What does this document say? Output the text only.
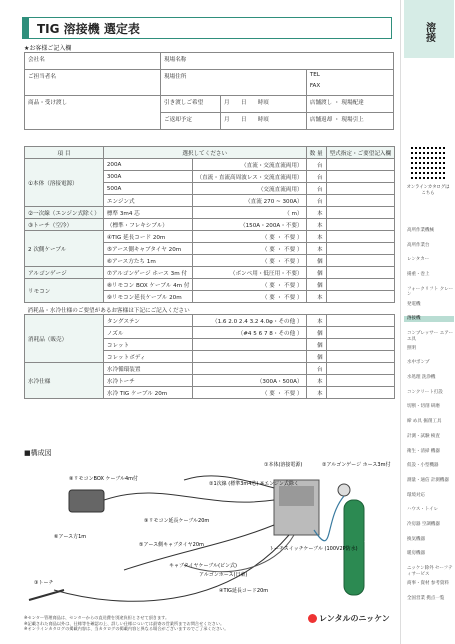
TIG 溶接機 選定表
★お客様ご記入欄
会社名	現場名称		
ご担当者名	現場住所		TEL
FAX

商品・受け渡し	引き渡しご希望	月　　 日　　 時頃	店舗渡し ・ 現場配達
	ご返却予定	月　　 日　　 時頃	店舗返却 ・ 現場引上
項 目	選択してください		数 量	型式指定・ご要望記入欄
①本体（溶接電源）	200A	（直流・交流直流両用）	台	
	300A	（直流・直流高周波レス・交流直流両用）	台	
	500A	（交流直流両用）	台	
	エンジン式	（直流 270 ~ 300A）	台	
②一次線（エンジン式除く）	標準 3m4 芯	（ m）	本	
③トーチ（空冷）	（標準・フレキシブル）	（150A・200A・不要）	本	
2 次側ケーブル	④TIG 延長コード 20m	（ 要 ・ 不要 ）	本	
	⑤アース側キャブタイヤ 20m	（ 要 ・ 不要 ）	本	
	⑥アース方たち 1m	（ 要 ・ 不要 ）	個	
アルゴンゲージ	⑦アルゴンゲージ ホース 3m 付	（ボンベ用・低圧用・不要）	個	
リモコン	⑧リモコン BOX ケーブル 4m 付	（ 要 ・ 不要 ）	個	
	⑨リモコン延長ケーブル 20m	（ 要 ・ 不要 ）	本	
消耗品・水冷仕様のご要望があるお客様は下記にご記入ください				
消耗品（販売）	タングステン	（1.6 2.0 2.4 3.2 4.0φ・その他 ）	本	
	ノズル	（#4 5 6 7 8・その他 ）	個	
	コレット		個	
	コレットボディ		個	
水冷仕様	水冷循環装置		台	
	水冷トーチ	（300A・500A）	本	
	水冷 TIG ケーブル 20m	（ 要 ・ 不要 ）	本	
■構成図
①本体(溶接電源)	②アルゴンゲージ ホース3m付
②1次線 (標準3m4芯) ※エンジン式除く
⑧リモコンBOX ケーブル4m付
⑨リモコン延長ケーブル20m
⑥アース方1m
⑤アース側キャブタイヤ20m
トーチスイッチケーブル (100V2P防水)
キャブタイヤケーブル(ビン式)
アルゴンホース(日東)
③トーチ
④TIG延長コード20m
アルゴンガス
※センター管理商品は、センターからの直送費を別途負担とさせて頂きます。
※記載された商品以外は、仕様等を確認の上、詳しい仕様については最寄の営業所までお問合せください。
※オンラインカタログの掲載内容は、当カタログの掲載内容と異なる場合がございますのでご了承ください。
レンタルのニッケン
溶接
オンラインカタログは こちら
高所作業機械
高所作業台
レンタカー
揚重・巻上
フォークリフト クレーン
発電機
溶接機
コンプレッサー エアーエ具
照明
水中ポンプ
水処理 洗浄機
コンクリート打設
切断・切削 研磨
締 め具 掘削工具
計測・試験 検査
衛生・清掃 機器
仮設・小型機器
測量・通信 計測機器
環境対応
ハウス・トイレ
冷房器 空調機器
換気機器
暖房機器
ニッケン除外 セーフティサービス
商事・資材 参考資料
全国営業 拠点一覧
